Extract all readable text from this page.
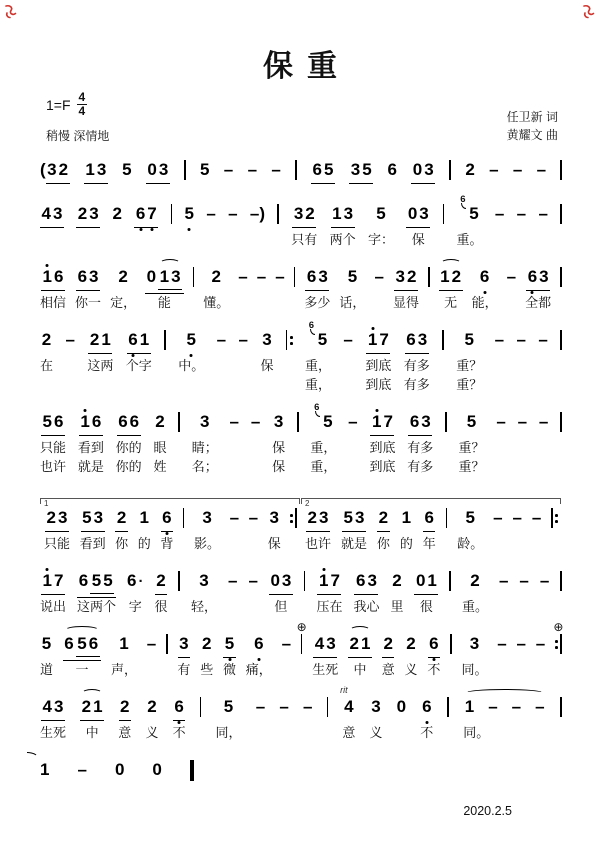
保重
$1=F \frac{4}{4}$
稍慢 深情地
任卫新 词
黄耀文 曲
( 3 2 1 3 5 0 3 5 – – – 6 5 3 5 6 0 3 2 – – –
4 3 2 3 2 6 7 5 – – – ) 3 2
只有
1 3
两个
5
字：
0 3
保
6
5
重。
– – –
1 6
相信
6 3
你一
2
定，
0 1 3
能
2
懂。
– – – 6 3
多少
5
话，
– 3 2
显得
1 2
无
6
能，
– 6 3
全都
2
在
– 2 1
这两
6 1
个字
5
中。
– – 3
保
6
5
重，
重，
– 1 7
到底
到底
6 3
有多
有多
5
重？
重？
– – –
5 6
只能
也许
1 6
看到
就是
6 6
你的
你的
2
眼
姓
3
睛；
名；
– – 3
保
保
6
5
重，
重，
– 1 7
到底
到底
6 3
有多
有多
5
重？
重？
– – –
1
2 3
只能
5 3
看到
2
你
1
的
6
背
3
影。
– – 3
保
2
2 3
也许
5 3
就是
2
你
1
的
6
年
5
龄。
– – –
1 7
说出
6 5 5
这两个
6 ·
字
2
很
3
轻，
– – 0 3
但
1 7
压在
6 3
我心
2
里
0 1
很
2
重。
– – –
5
道
6 5 6
一
1
声，
– 3
有
2
些
5
微
6
痛，
–
⊕
4 3
生死
2 1
中
2
意
2
义
6
不
3
同。
– – –
⊕
4 3
生死
2 1
中
2
意
2
义
6
不
5
同，
– – –
rit
4
意
3
义
0 6
不
1 – – –
同。
1 – 0 0
2020.2.5
